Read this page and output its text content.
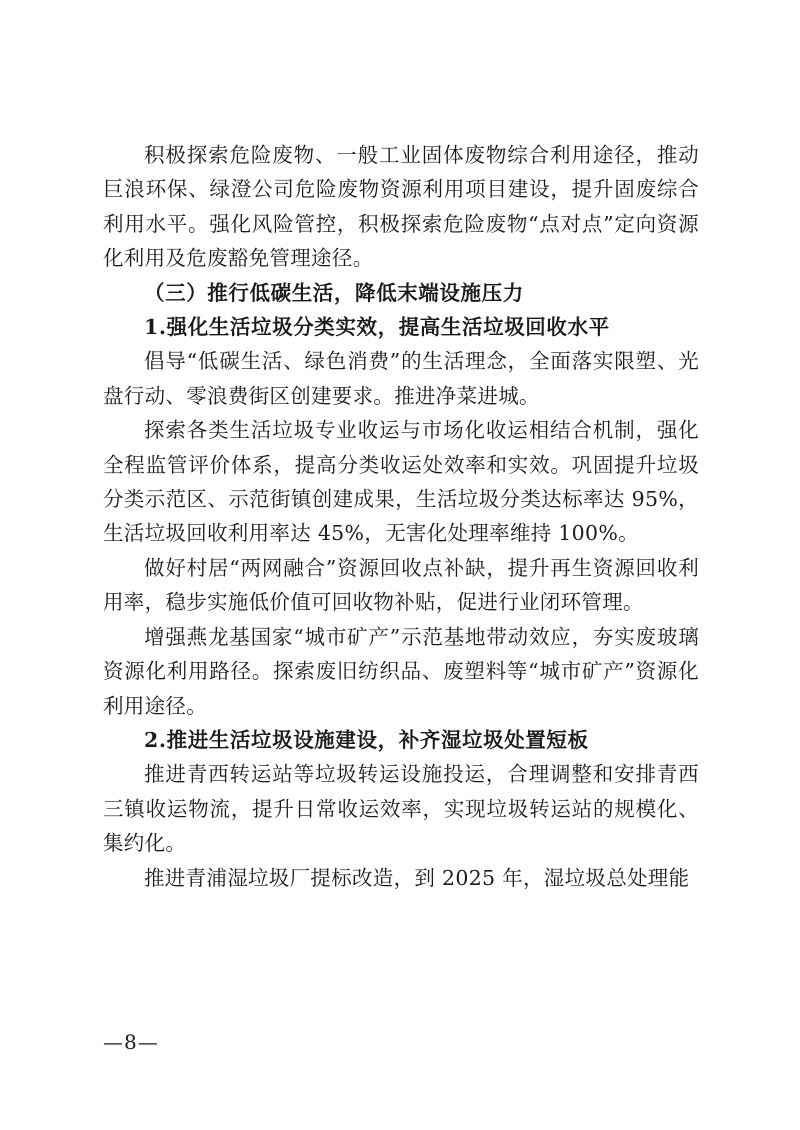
积极探索危险废物、一般工业固体废物综合利用途径，推动巨浪环保、绿澄公司危险废物资源利用项目建设，提升固废综合利用水平。强化风险管控，积极探索危险废物“点对点”定向资源化利用及危废豁免管理途径。

（三）推行低碳生活，降低末端设施压力

1.强化生活垃圾分类实效，提高生活垃圾回收水平

倡导“低碳生活、绿色消费”的生活理念，全面落实限塑、光盘行动、零浪费街区创建要求。推进净菜进城。

探索各类生活垃圾专业收运与市场化收运相结合机制，强化全程监管评价体系，提高分类收运处效率和实效。巩固提升垃圾分类示范区、示范街镇创建成果，生活垃圾分类达标率达 95%，生活垃圾回收利用率达 45%，无害化处理率维持 100%。

做好村居“两网融合”资源回收点补缺，提升再生资源回收利用率，稳步实施低价值可回收物补贴，促进行业闭环管理。

增强燕龙基国家“城市矿产”示范基地带动效应，夯实废玻璃资源化利用路径。探索废旧纺织品、废塑料等“城市矿产”资源化利用途径。

2.推进生活垃圾设施建设，补齐湿垃圾处置短板

推进青西转运站等垃圾转运设施投运，合理调整和安排青西三镇收运物流，提升日常收运效率，实现垃圾转运站的规模化、集约化。

推进青浦湿垃圾厂提标改造，到 2025 年，湿垃圾总处理能

—8—
